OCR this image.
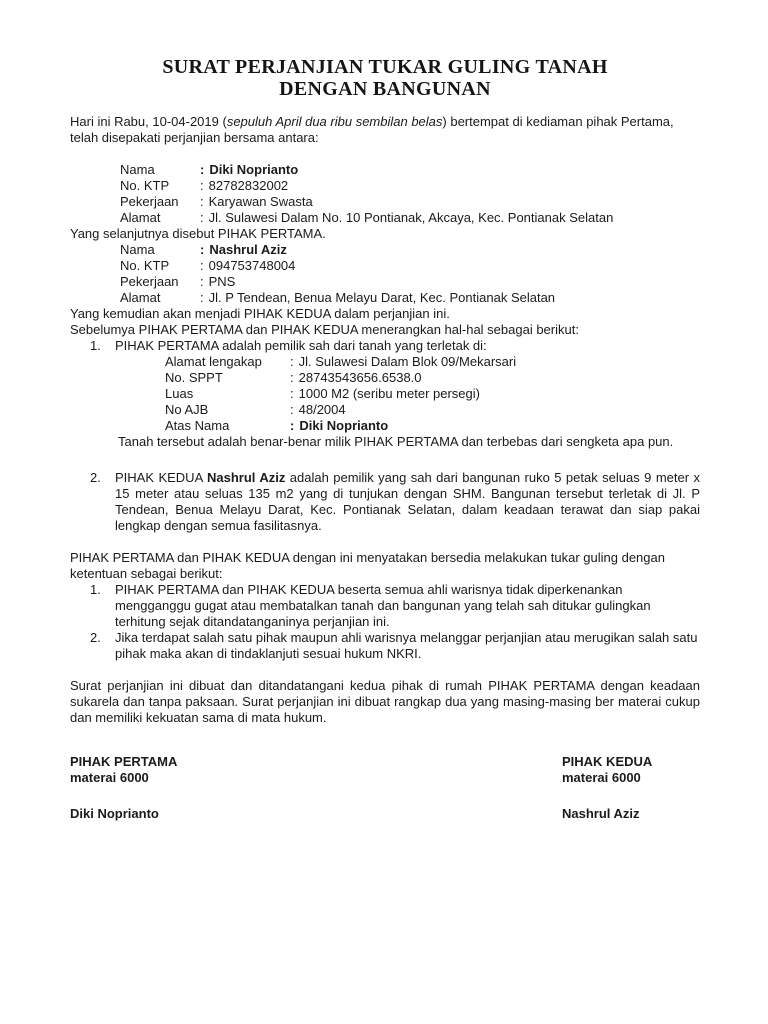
SURAT PERJANJIAN TUKAR GULING TANAH
DENGAN BANGUNAN

Hari ini Rabu, 10-04-2019 (sepuluh April dua ribu sembilan belas) bertempat di kediaman pihak Pertama, telah disepakati perjanjian bersama antara:

Nama	: Diki Noprianto
No. KTP	: 82782832002
Pekerjaan	: Karyawan Swasta
Alamat	: Jl. Sulawesi Dalam No. 10 Pontianak, Akcaya, Kec. Pontianak Selatan

Yang selanjutnya disebut PIHAK PERTAMA.

Nama	: Nashrul Aziz
No. KTP	: 094753748004
Pekerjaan	: PNS
Alamat	: Jl. P Tendean, Benua Melayu Darat, Kec. Pontianak Selatan

Yang kemudian akan menjadi PIHAK KEDUA dalam perjanjian ini.

Sebelumya PIHAK PERTAMA dan PIHAK KEDUA menerangkan hal-hal sebagai berikut:

1.	PIHAK PERTAMA adalah pemilik sah dari tanah yang terletak di:
Alamat lengakap	: Jl. Sulawesi Dalam Blok 09/Mekarsari
No. SPPT	: 28743543656.6538.0
Luas	: 1000 M2 (seribu meter persegi)
No AJB	: 48/2004
Atas Nama	: Diki Noprianto

Tanah tersebut adalah benar-benar milik PIHAK PERTAMA dan terbebas dari sengketa apa pun.

2.	PIHAK KEDUA Nashrul Aziz adalah pemilik yang sah dari bangunan ruko 5 petak seluas 9 meter x 15 meter atau seluas 135 m2 yang di tunjukan dengan SHM. Bangunan tersebut terletak di Jl. P Tendean, Benua Melayu Darat, Kec. Pontianak Selatan, dalam keadaan terawat dan siap pakai lengkap dengan semua fasilitasnya.

PIHAK PERTAMA dan PIHAK KEDUA dengan ini menyatakan bersedia melakukan tukar guling dengan ketentuan sebagai berikut:

1.	PIHAK PERTAMA dan PIHAK KEDUA beserta semua ahli warisnya tidak diperkenankan mengganggu gugat atau membatalkan tanah dan bangunan yang telah sah ditukar gulingkan terhitung sejak ditandatanganinya perjanjian ini.
2.	Jika terdapat salah satu pihak maupun ahli warisnya melanggar perjanjian atau merugikan salah satu pihak maka akan di tindaklanjuti sesuai hukum NKRI.

Surat perjanjian ini dibuat dan ditandatangani kedua pihak di rumah PIHAK PERTAMA dengan keadaan sukarela dan tanpa paksaan. Surat perjanjian ini dibuat rangkap dua yang masing-masing ber materai cukup dan memiliki kekuatan sama di mata hukum.

PIHAK PERTAMA
materai 6000
Diki Noprianto
PIHAK KEDUA
materai 6000
Nashrul Aziz
